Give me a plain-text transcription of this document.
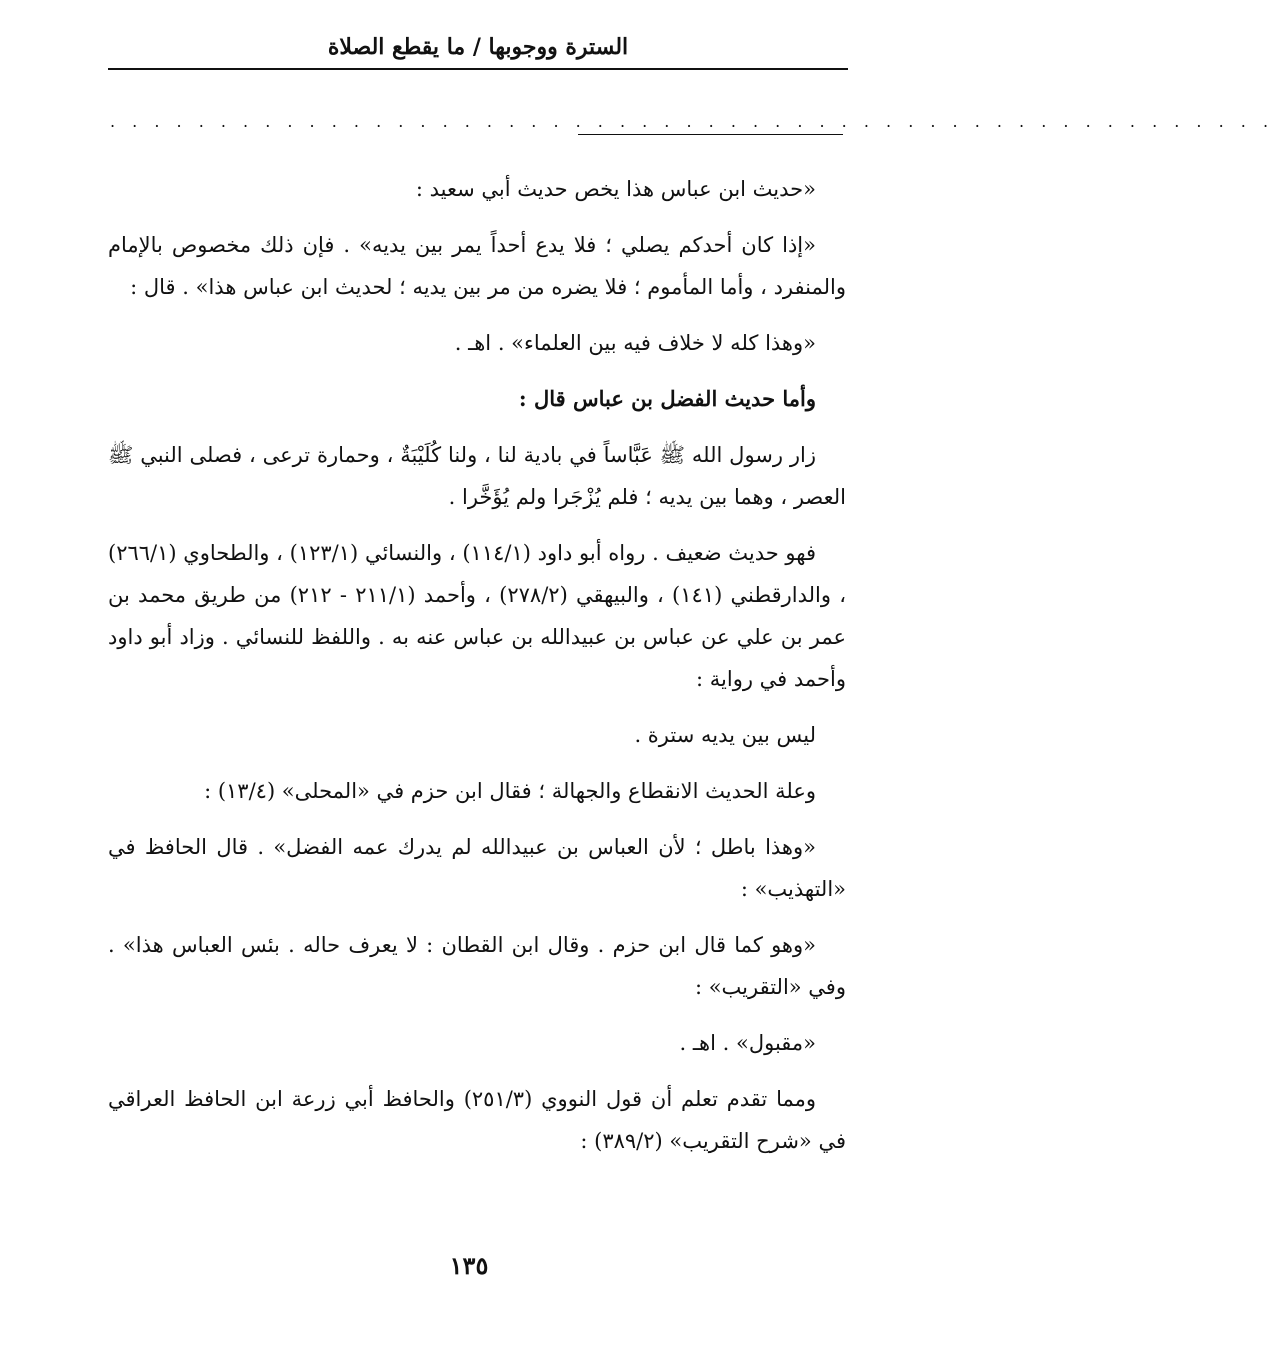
السترة ووجوبها / ما يقطع الصلاة
. . . . . . . . . . . . . . . . . . . . . . . . . . . . . . . . . . . . . . . . . . . . . . . . . . . . .

«حديث ابن عباس هذا يخص حديث أبي سعيد :

«إذا كان أحدكم يصلي ؛ فلا يدع أحداً يمر بين يديه» . فإن ذلك مخصوص بالإمام والمنفرد ، وأما المأموم ؛ فلا يضره من مر بين يديه ؛ لحديث ابن عباس هذا» . قال :

«وهذا كله لا خلاف فيه بين العلماء» . اهـ .

وأما حديث الفضل بن عباس قال :

زار رسول الله ﷺ عَبَّاساً في بادية لنا ، ولنا كُلَيْبَةٌ ، وحمارة ترعى ، فصلى النبي ﷺ العصر ، وهما بين يديه ؛ فلم يُزْجَرا ولم يُؤَخَّرا .

فهو حديث ضعيف . رواه أبو داود (١١٤/١) ، والنسائي (١٢٣/١) ، والطحاوي (٢٦٦/١) ، والدارقطني (١٤١) ، والبيهقي (٢٧٨/٢) ، وأحمد (٢١١/١ - ٢١٢) من طريق محمد بن عمر بن علي عن عباس بن عبيدالله بن عباس عنه به . واللفظ للنسائي . وزاد أبو داود وأحمد في رواية :

ليس بين يديه سترة .

وعلة الحديث الانقطاع والجهالة ؛ فقال ابن حزم في «المحلى» (١٣/٤) :

«وهذا باطل ؛ لأن العباس بن عبيدالله لم يدرك عمه الفضل» . قال الحافظ في «التهذيب» :

«وهو كما قال ابن حزم . وقال ابن القطان : لا يعرف حاله . بئس العباس هذا» . وفي «التقريب» :

«مقبول» . اهـ .

ومما تقدم تعلم أن قول النووي (٢٥١/٣) والحافظ أبي زرعة ابن الحافظ العراقي في «شرح التقريب» (٣٨٩/٢) :

١٣٥
